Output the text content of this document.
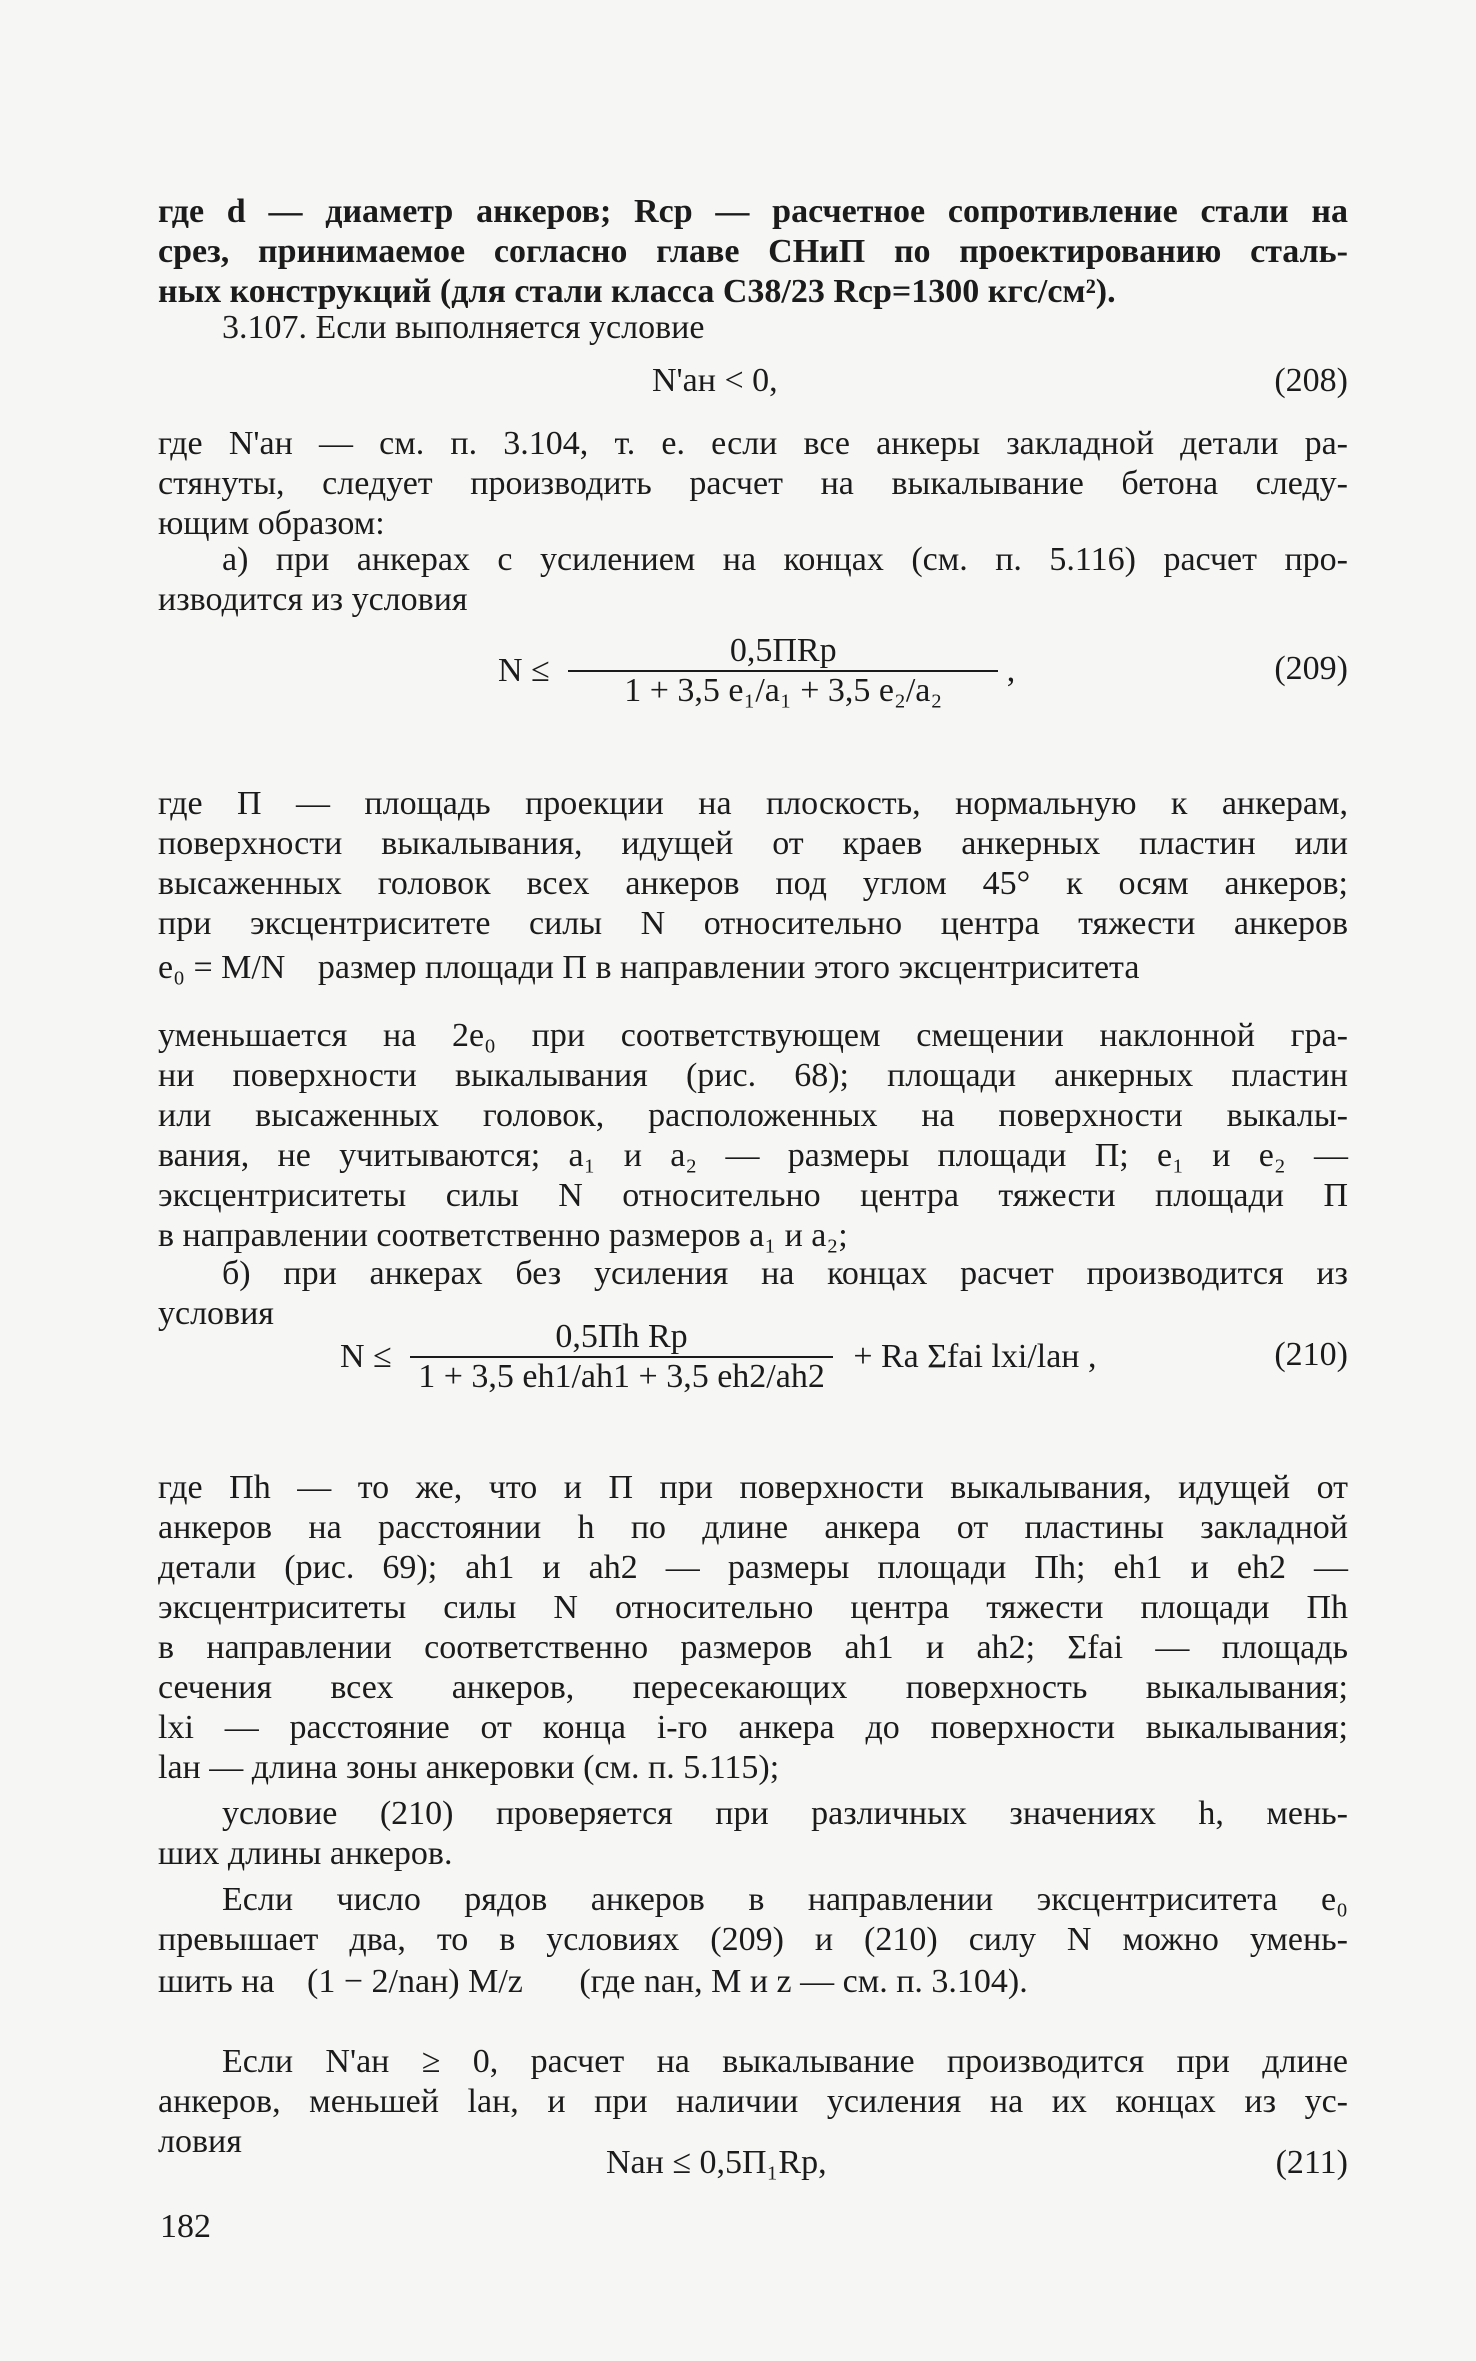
где d — диаметр анкеров; Rср — расчетное сопротивление стали на
срез, принимаемое согласно главе СНиП по проектированию сталь-
ных конструкций (для стали класса С38/23 Rср=1300 кгс/см²).
3.107. Если выполняется условие
N'ан < 0,	(208)
где N'ан — см. п. 3.104, т. е. если все анкеры закладной детали ра-
стянуты, следует производить расчет на выкалывание бетона следу-
ющим образом:
а) при анкерах с усилением на концах (см. п. 5.116) расчет про-
изводится из условия
$N \le \frac{\text{0,5ПRр}}{\text{1 + 3,5 e₁/a₁ + 3,5 e₂/a₂}}$ ,	(209)
где П — площадь проекции на плоскость, нормальную к анкерам,
поверхности выкалывания, идущей от краев анкерных пластин или
высаженных головок всех анкеров под углом 45° к осям анкеров;
при эксцентриситете силы N относительно центра тяжести анкеров
e₀ = M/N размер площади П в направлении этого эксцентриситета
уменьшается на 2e₀ при соответствующем смещении наклонной гра-
ни поверхности выкалывания (рис. 68); площади анкерных пластин
или высаженных головок, расположенных на поверхности выкалы-
вания, не учитываются; a₁ и a₂ — размеры площади П; e₁ и e₂ —
эксцентриситеты силы N относительно центра тяжести площади П
в направлении соответственно размеров a₁ и a₂;
б) при анкерах без усиления на концах расчет производится из
условия
$N \le \frac{\text{0,5Пh Rр}}{1 + 3,5 eh1/ah1 + 3,5 eh2/ah2}$ + Rа Σfаi lxi/lан ,	(210)
где Пh — то же, что и П при поверхности выкалывания, идущей от
анкеров на расстоянии h по длине анкера от пластины закладной
детали (рис. 69); ah1 и ah2 — размеры площади Пh; eh1 и eh2 —
эксцентриситеты силы N относительно центра тяжести площади Пh
в направлении соответственно размеров ah1 и ah2; Σfаi — площадь
сечения всех анкеров, пересекающих поверхность выкалывания;
lxi — расстояние от конца i-го анкера до поверхности выкалывания;
lан — длина зоны анкеровки (см. п. 5.115);
условие (210) проверяется при различных значениях h, мень-
ших длины анкеров.
Если число рядов анкеров в направлении эксцентриситета e₀
превышает два, то в условиях (209) и (210) силу N можно умень-
шить на (1 − 2/nан) M/z (где nан, M и z — см. п. 3.104).
Если N'ан ≥ 0, расчет на выкалывание производится при длине
анкеров, меньшей lан, и при наличии усиления на их концах из ус-
ловия
Nан ≤ 0,5П₁Rр,	(211)
182
